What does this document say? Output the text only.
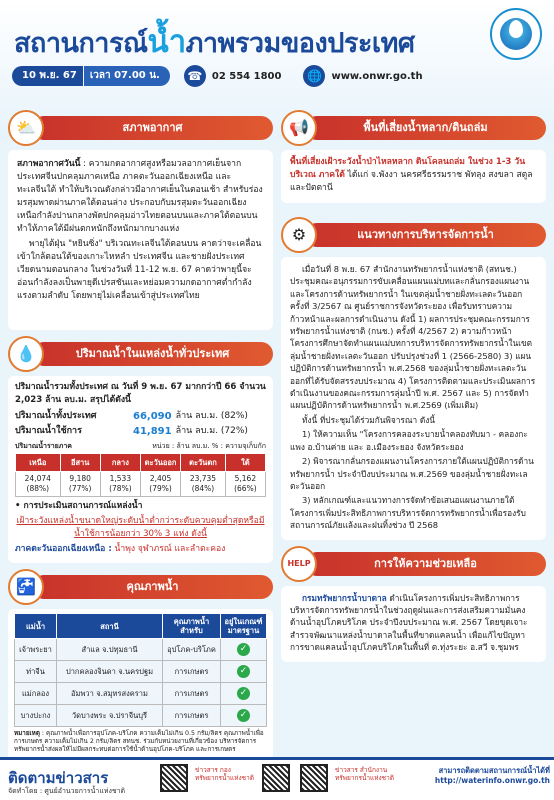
สถานการณ์น้ำภาพรวมของประเทศ
10 พ.ย. 67	เวลา 07.00 น.	☎ 02 554 1800 🌐 www.onwr.go.th
สภาพอากาศ
⛅

สภาพอากาศวันนี้ : ความกดอากาศสูงหรือมวลอากาศเย็นจากประเทศจีนปกคลุมภาคเหนือ ภาคตะวันออกเฉียงเหนือ และทะเลจีนใต้ ทำให้บริเวณดังกล่าวมีอากาศเย็นในตอนเช้า สำหรับร่องมรสุมพาดผ่านภาคใต้ตอนล่าง ประกอบกับมรสุมตะวันออกเฉียงเหนือกำลังปานกลางพัดปกคลุมอ่าวไทยตอนบนและภาคใต้ตอนบน ทำให้ภาคใต้มีฝนตกหนักถึงหนักมากบางแห่ง

พายุไต้ฝุ่น "หยินซิ่ง" บริเวณทะเลจีนใต้ตอนบน คาดว่าจะเคลื่อนเข้าใกล้ตอนใต้ของเกาะไหหลำ ประเทศจีน และชายฝั่งประเทศเวียดนามตอนกลาง ในช่วงวันที่ 11-12 พ.ย. 67 คาดว่าพายุนี้จะอ่อนกำลังลงเป็นพายุดีเปรสชันและหย่อมความกดอากาศต่ำกำลังแรงตามลำดับ โดยพายุไม่เคลื่อนเข้าสู่ประเทศไทย

ปริมาณน้ำในแหล่งน้ำทั่วประเทศ
💧

ปริมาณน้ำรวมทั้งประเทศ ณ วันที่ 9 พ.ย. 67 มากกว่าปี 66 จำนวน 2,023 ล้าน ลบ.ม. สรุปได้ดังนี้

ปริมาณน้ำทั้งประเทศ	66,090 ล้าน ลบ.ม. (82%)
ปริมาณน้ำใช้การ	41,891 ล้าน ลบ.ม. (72%)
ปริมาณน้ำรายภาค	หน่วย : ล้าน ลบ.ม. % : ความจุเก็บกัก
เหนือ	อีสาน	กลาง	ตะวันออก	ตะวันตก	ใต้
24,074 (88%)	9,180 (77%)	1,533 (78%)	2,405 (79%)	23,735 (84%)	5,162 (66%)

• การประเมินสถานการณ์แหล่งน้ำ

เฝ้าระวังแหล่งน้ำขนาดใหญ่ระดับน้ำต่ำกว่าระดับควบคุมต่ำสุดหรือมีน้ำใช้การน้อยกว่า 30% 3 แห่ง ดังนี้

ภาคตะวันออกเฉียงเหนือ : น้ำพุง จุฬาภรณ์ และลำตะคอง

คุณภาพน้ำ
🚰
แม่น้ำ	สถานี	คุณภาพน้ำสำหรับ	อยู่ในเกณฑ์มาตรฐาน
เจ้าพระยา	สำแล จ.ปทุมธานี	อุปโภค-บริโภค	✓
ท่าจีน	ปากคลองจินดา จ.นครปฐม	การเกษตร	✓
แม่กลอง	อัมพวา จ.สมุทรสงคราม	การเกษตร	✓
บางปะกง	วัดบางพระ จ.ปราจีนบุรี	การเกษตร	✓

หมายเหตุ : คุณภาพน้ำเพื่อการอุปโภค-บริโภค ความเค็มไม่เกิน 0.5 กรัม/ลิตร คุณภาพน้ำเพื่อการเกษตร ความเค็มไม่เกิน 2 กรัม/ลิตร สทนช. ร่วมกับหน่วยงานที่เกี่ยวข้อง บริหารจัดการทรัพยากรน้ำส่งผลให้ไม่มีผลกระทบต่อการใช้น้ำด้านอุปโภค-บริโภค และการเกษตร

พื้นที่เสี่ยงน้ำหลาก/ดินถล่ม
📢

พื้นที่เสี่ยงเฝ้าระวังน้ำป่าไหลหลาก ดินโคลนถล่ม ในช่วง 1-3 วัน บริเวณ ภาคใต้ ได้แก่ จ.พังงา นครศรีธรรมราช พัทลุง สงขลา สตูล และปัตตานี

แนวทางการบริหารจัดการน้ำ
⚙

เมื่อวันที่ 8 พ.ย. 67 สำนักงานทรัพยากรน้ำแห่งชาติ (สทนช.) ประชุมคณะอนุกรรมการขับเคลื่อนแผนแม่บทและกลั่นกรองแผนงานและโครงการด้านทรัพยากรน้ำ ในเขตลุ่มน้ำชายฝั่งทะเลตะวันออก ครั้งที่ 3/2567 ณ ศูนย์ราชการจังหวัดระยอง เพื่อรับทราบความก้าวหน้าและผลการดำเนินงาน ดังนี้ 1) ผลการประชุมคณะกรรมการทรัพยากรน้ำแห่งชาติ (กนช.) ครั้งที่ 4/2567 2) ความก้าวหน้าโครงการศึกษาจัดทำแผนแม่บทการบริหารจัดการทรัพยากรน้ำในเขตลุ่มน้ำชายฝั่งทะเลตะวันออก ปรับปรุงช่วงที่ 1 (2566-2580) 3) แผนปฏิบัติการด้านทรัพยากรน้ำ พ.ศ.2568 ของลุ่มน้ำชายฝั่งทะเลตะวันออกที่ได้รับจัดสรรงบประมาณ 4) โครงการติดตามและประเมินผลการดำเนินงานของคณะกรรมการลุ่มน้ำปี พ.ศ. 2567 และ 5) การจัดทำแผนปฏิบัติการด้านทรัพยากรน้ำ พ.ศ.2569 (เพิ่มเติม)

ทั้งนี้ ที่ประชุมได้ร่วมกันพิจารณา ดังนี้

1) ให้ความเห็น "โครงการคลองระบายน้ำคลองทับมา - คลองกะแพง อ.บ้านค่าย และ อ.เมืองระยอง จังหวัดระยอง

2) พิจารณากลั่นกรองแผนงานโครงการภายใต้แผนปฏิบัติการด้านทรัพยากรน้ำ ประจำปีงบประมาณ พ.ศ.2569 ของลุ่มน้ำชายฝั่งทะเลตะวันออก

3) หลักเกณฑ์และแนวทางการจัดทำข้อเสนอแผนงานภายใต้โครงการเพิ่มประสิทธิภาพการบริหารจัดการทรัพยากรน้ำเพื่อรองรับสถานการณ์ภัยแล้งและฝนทิ้งช่วง ปี 2568

การให้ความช่วยเหลือ
HELP

กรมทรัพยากรน้ำบาดาล ดำเนินโครงการเพิ่มประสิทธิภาพการบริหารจัดการทรัพยากรน้ำในช่วงฤดูฝนและการส่งเสริมความมั่นคงด้านน้ำอุปโภคบริโภค ประจำปีงบประมาณ พ.ศ. 2567 โดยขุดเจาะสำรวจพัฒนาแหล่งน้ำบาดาลในพื้นที่ขาดแคลนน้ำ เพื่อแก้ไขปัญหาการขาดแคลนน้ำอุปโภคบริโภคในพื้นที่ ต.ทุ่งระยะ อ.สวี จ.ชุมพร

ติดตามข่าวสาร
จัดทำโดย : ศูนย์อำนวยการน้ำแห่งชาติ
ข่าวสาร กองทรัพยากรน้ำแห่งชาติ
ข่าวสาร สำนักงานทรัพยากรน้ำแห่งชาติ
สามารถติดตามสถานการณ์น้ำได้ที่
http://waterinfo.onwr.go.th
